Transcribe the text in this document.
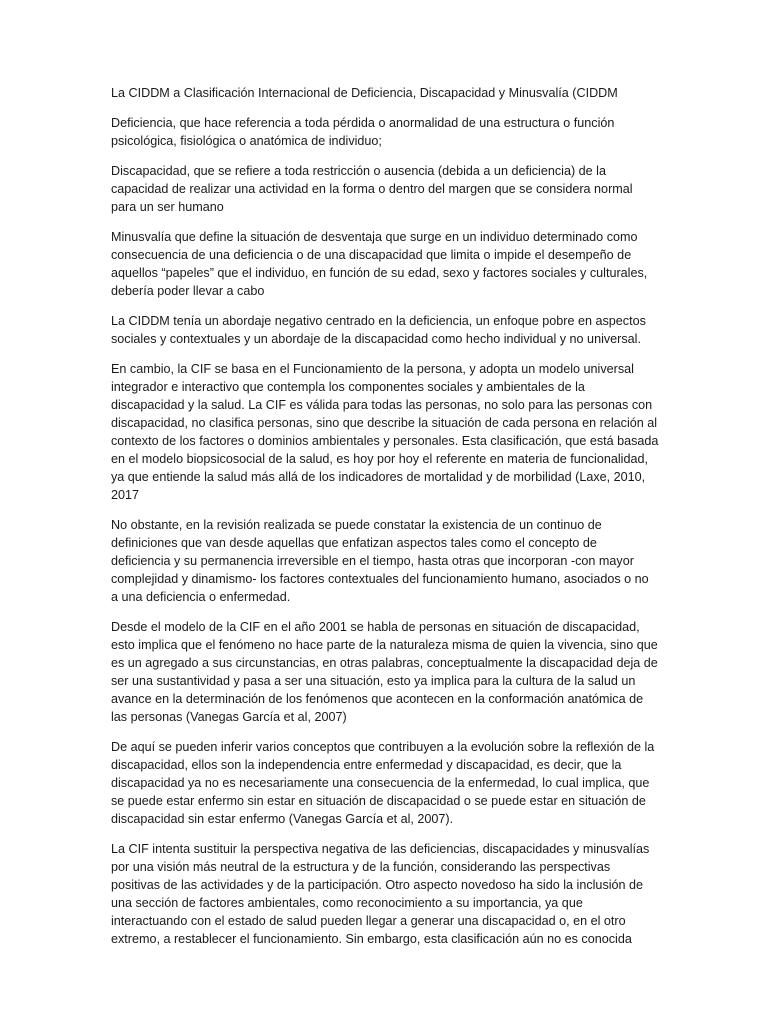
La CIDDM a Clasificación Internacional de Deficiencia, Discapacidad y Minusvalía (CIDDM

Deficiencia, que hace referencia a toda pérdida o anormalidad de una estructura o función psicológica, fisiológica o anatómica de individuo;

Discapacidad, que se refiere a toda restricción o ausencia (debida a un deficiencia) de la capacidad de realizar una actividad en la forma o dentro del margen que se considera normal para un ser humano

Minusvalía que define la situación de desventaja que surge en un individuo determinado como consecuencia de una deficiencia o de una discapacidad que limita o impide el desempeño de aquellos “papeles” que el individuo, en función de su edad, sexo y factores sociales y culturales, debería poder llevar a cabo

La CIDDM tenía un abordaje negativo centrado en la deficiencia, un enfoque pobre en aspectos sociales y contextuales y un abordaje de la discapacidad como hecho individual y no universal.

En cambio, la CIF se basa en el Funcionamiento de la persona, y adopta un modelo universal integrador e interactivo que contempla los componentes sociales y ambientales de la discapacidad y la salud. La CIF es válida para todas las personas, no solo para las personas con discapacidad, no clasifica personas, sino que describe la situación de cada persona en relación al contexto de los factores o dominios ambientales y personales. Esta clasificación, que está basada en el modelo biopsicosocial de la salud, es hoy por hoy el referente en materia de funcionalidad, ya que entiende la salud más allá de los indicadores de mortalidad y de morbilidad (Laxe, 2010, 2017

No obstante, en la revisión realizada se puede constatar la existencia de un continuo de definiciones que van desde aquellas que enfatizan aspectos tales como el concepto de deficiencia y su permanencia irreversible en el tiempo, hasta otras que incorporan -con mayor complejidad y dinamismo- los factores contextuales del funcionamiento humano, asociados o no a una deficiencia o enfermedad.

Desde el modelo de la CIF en el año 2001 se habla de personas en situación de discapacidad, esto implica que el fenómeno no hace parte de la naturaleza misma de quien la vivencia, sino que es un agregado a sus circunstancias, en otras palabras, conceptualmente la discapacidad deja de ser una sustantividad y pasa a ser una situación, esto ya implica para la cultura de la salud un avance en la determinación de los fenómenos que acontecen en la conformación anatómica de las personas (Vanegas García et al, 2007)

De aquí se pueden inferir varios conceptos que contribuyen a la evolución sobre la reflexión de la discapacidad, ellos son la independencia entre enfermedad y discapacidad, es decir, que la discapacidad ya no es necesariamente una consecuencia de la enfermedad, lo cual implica, que se puede estar enfermo sin estar en situación de discapacidad o se puede estar en situación de discapacidad sin estar enfermo (Vanegas García et al, 2007).

La CIF intenta sustituir la perspectiva negativa de las deficiencias, discapacidades y minusvalías por una visión más neutral de la estructura y de la función, considerando las perspectivas positivas de las actividades y de la participación. Otro aspecto novedoso ha sido la inclusión de una sección de factores ambientales, como reconocimiento a su importancia, ya que interactuando con el estado de salud pueden llegar a generar una discapacidad o, en el otro extremo, a restablecer el funcionamiento. Sin embargo, esta clasificación aún no es conocida
